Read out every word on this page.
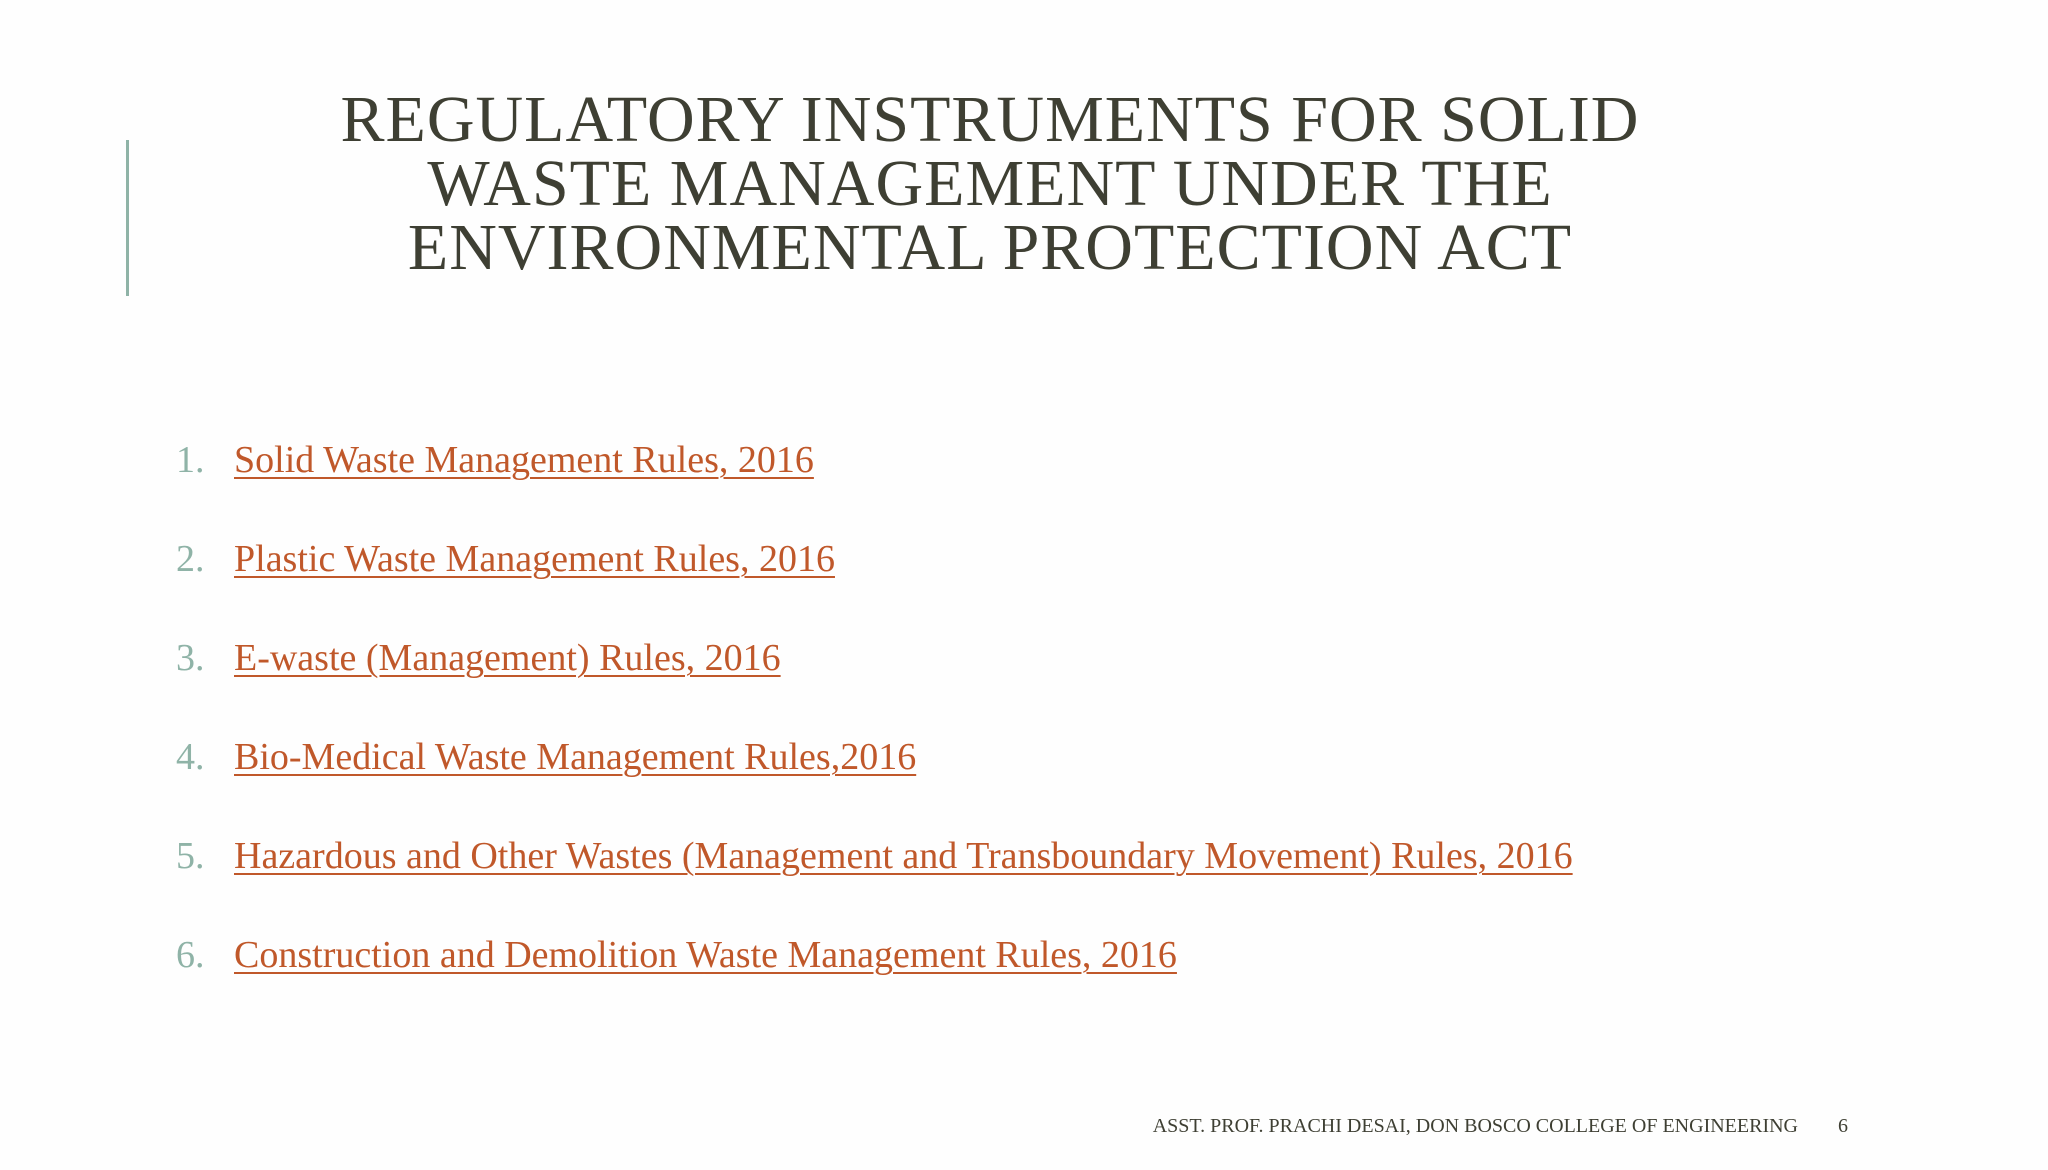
REGULATORY INSTRUMENTS FOR SOLID
WASTE MANAGEMENT UNDER THE
ENVIRONMENTAL PROTECTION ACT
1. Solid Waste Management Rules, 2016
2. Plastic Waste Management Rules, 2016
3. E-waste (Management) Rules, 2016
4. Bio-Medical Waste Management Rules,2016
5. Hazardous and Other Wastes (Management and Transboundary Movement) Rules, 2016
6. Construction and Demolition Waste Management Rules, 2016
ASST. PROF. PRACHI DESAI, DON BOSCO COLLEGE OF ENGINEERING 6
